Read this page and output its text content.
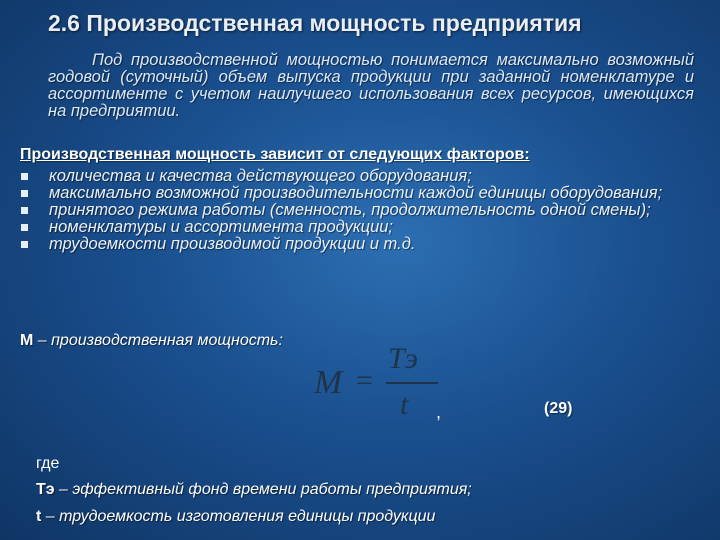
2.6 Производственная мощность предприятия
Под производственной мощностью понимается максимально возможный годовой (суточный) объем выпуска продукции при заданной номенклатуре и ассортименте с учетом наилучшего использования всех ресурсов, имеющихся на предприятии.
Производственная мощность зависит от следующих факторов:
количества и качества действующего оборудования;
максимально возможной производительности каждой единицы оборудования;
принятого режима работы (сменность, продолжительность одной смены);
номенклатуры и ассортимента продукции;
трудоемкости производимой продукции и т.д.
М – производственная мощность:
M =
Тэ
t ,	(29)
где
Тэ – эффективный фонд времени работы предприятия;
t – трудоемкость изготовления единицы продукции
